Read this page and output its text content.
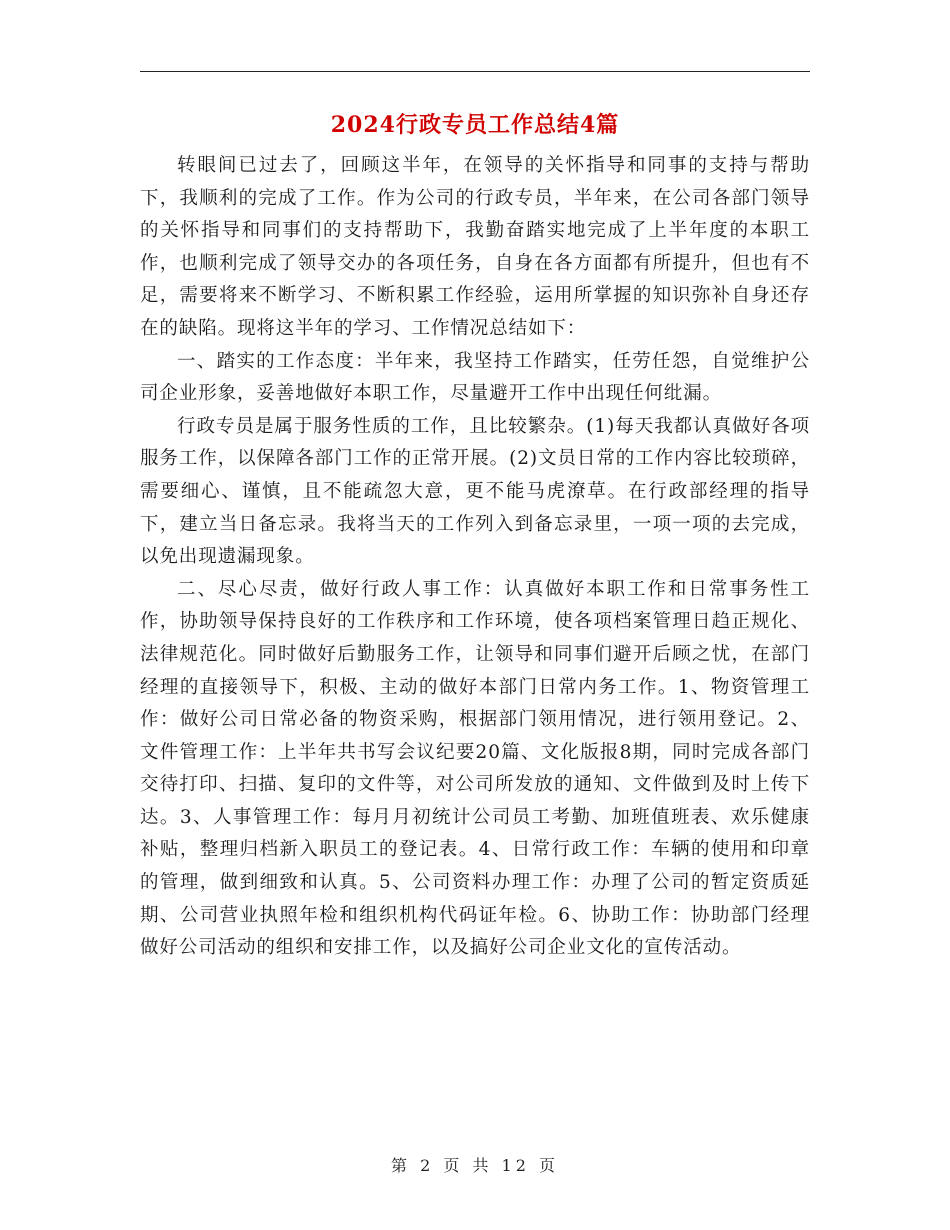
2024行政专员工作总结4篇

转眼间已过去了，回顾这半年，在领导的关怀指导和同事的支持与帮助下，我顺利的完成了工作。作为公司的行政专员，半年来，在公司各部门领导的关怀指导和同事们的支持帮助下，我勤奋踏实地完成了上半年度的本职工作，也顺利完成了领导交办的各项任务，自身在各方面都有所提升，但也有不足，需要将来不断学习、不断积累工作经验，运用所掌握的知识弥补自身还存在的缺陷。现将这半年的学习、工作情况总结如下：

一、踏实的工作态度：半年来，我坚持工作踏实，任劳任怨，自觉维护公司企业形象，妥善地做好本职工作，尽量避开工作中出现任何纰漏。

行政专员是属于服务性质的工作，且比较繁杂。(1)每天我都认真做好各项服务工作，以保障各部门工作的正常开展。(2)文员日常的工作内容比较琐碎，需要细心、谨慎，且不能疏忽大意，更不能马虎潦草。在行政部经理的指导下，建立当日备忘录。我将当天的工作列入到备忘录里，一项一项的去完成，以免出现遗漏现象。

二、尽心尽责，做好行政人事工作：认真做好本职工作和日常事务性工作，协助领导保持良好的工作秩序和工作环境，使各项档案管理日趋正规化、法律规范化。同时做好后勤服务工作，让领导和同事们避开后顾之忧，在部门经理的直接领导下，积极、主动的做好本部门日常内务工作。1、物资管理工作：做好公司日常必备的物资采购，根据部门领用情况，进行领用登记。2、文件管理工作：上半年共书写会议纪要20篇、文化版报8期，同时完成各部门交待打印、扫描、复印的文件等，对公司所发放的通知、文件做到及时上传下达。3、人事管理工作：每月月初统计公司员工考勤、加班值班表、欢乐健康补贴，整理归档新入职员工的登记表。4、日常行政工作：车辆的使用和印章的管理，做到细致和认真。5、公司资料办理工作：办理了公司的暂定资质延期、公司营业执照年检和组织机构代码证年检。6、协助工作：协助部门经理做好公司活动的组织和安排工作，以及搞好公司企业文化的宣传活动。

第 2 页 共 12 页
